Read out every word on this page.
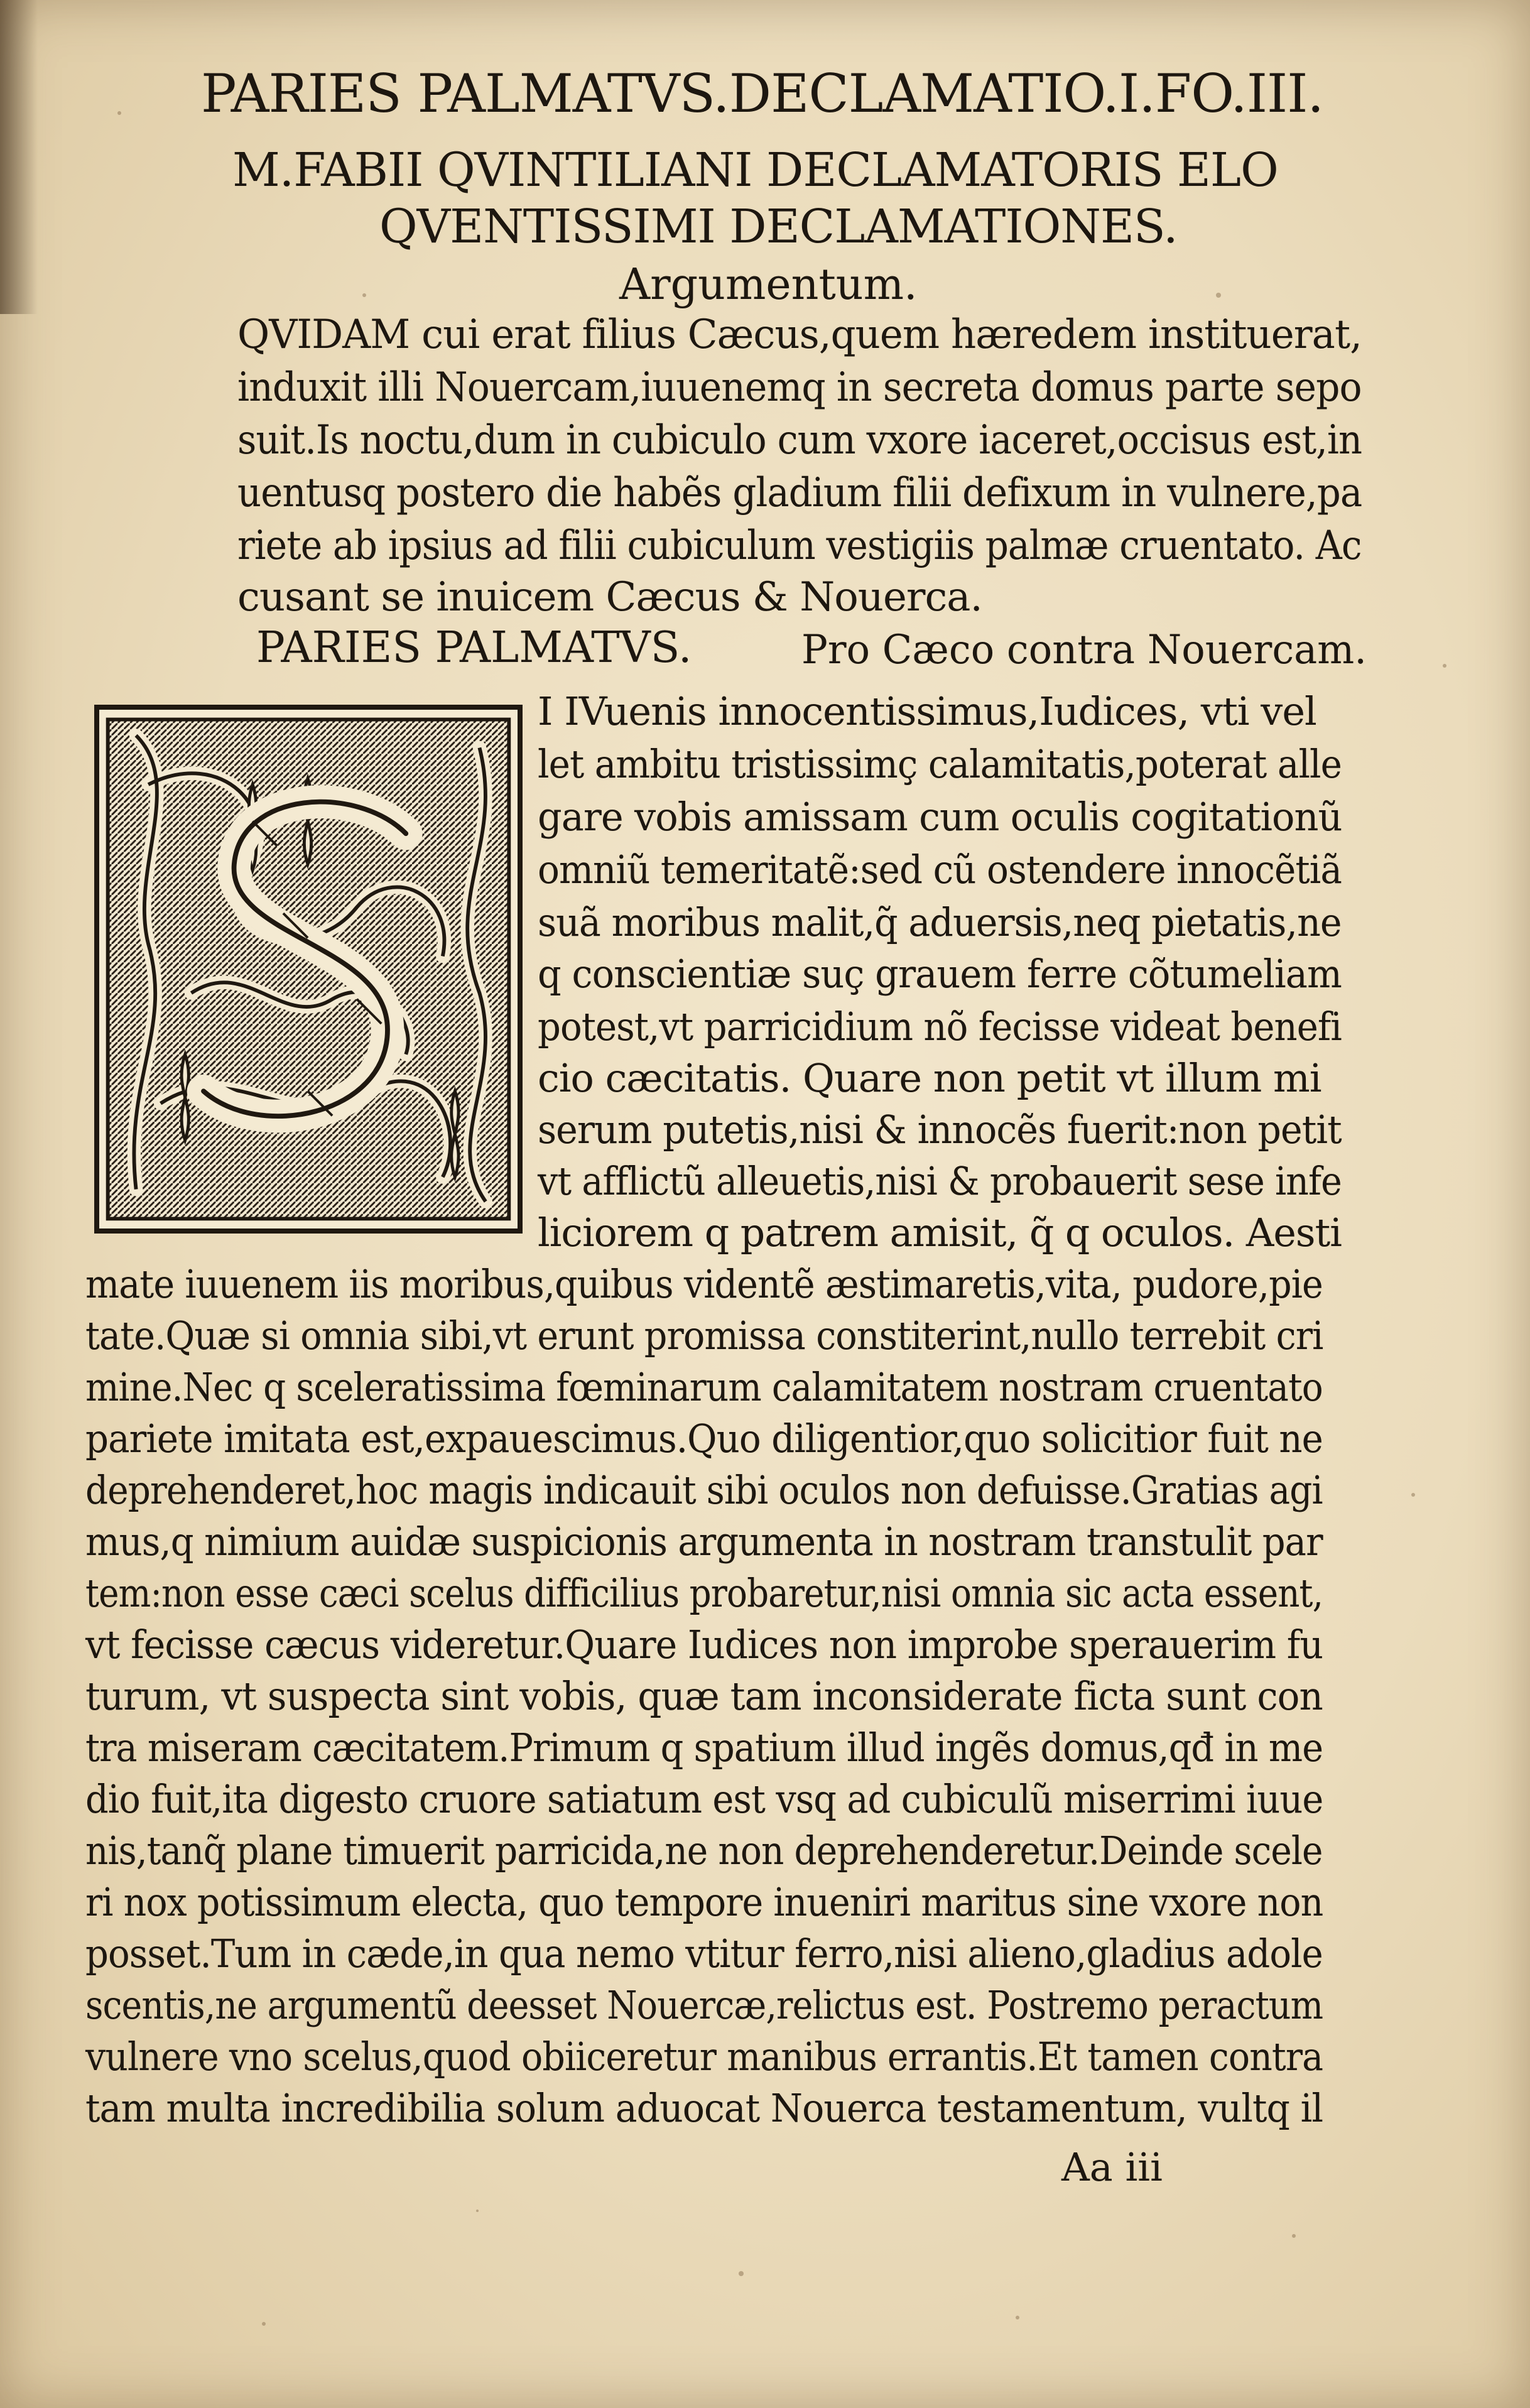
PARIES PALMATVS.DECLAMATIO.I.FO.III.
M.FABII QVINTILIANI DECLAMATORIS ELO
QVENTISSIMI DECLAMATIONES.
Argumentum.
QVIDAM cui erat filius Cæcus,quem hæredem instituerat,
induxit illi Nouercam,iuuenemq in secreta domus parte sepo
suit.Is noctu,dum in cubiculo cum vxore iaceret,occisus est,in
uentusq postero die habẽs gladium filii defixum in vulnere,pa
riete ab ipsius ad filii cubiculum vestigiis palmæ cruentato. Ac
cusant se inuicem Cæcus & Nouerca.
PARIES PALMATVS.	Pro Cæco contra Nouercam.
I IVuenis innocentissimus,Iudices, vti vel
let ambitu tristissimç calamitatis,poterat alle
gare vobis amissam cum oculis cogitationũ
omniũ temeritatẽ:sed cũ ostendere innocẽtiã
suã moribus malit,q̃ aduersis,neq pietatis,ne
q conscientiæ suç grauem ferre cõtumeliam
potest,vt parricidium nõ fecisse videat benefi
cio cæcitatis. Quare non petit vt illum mi
serum putetis,nisi & innocẽs fuerit:non petit
vt afflictũ alleuetis,nisi & probauerit sese infe
liciorem q patrem amisit, q̃ q oculos. Aesti
mate iuuenem iis moribus,quibus videntẽ æstimaretis,vita, pudore,pie
tate.Quæ si omnia sibi,vt erunt promissa constiterint,nullo terrebit cri
mine.Nec q sceleratissima fœminarum calamitatem nostram cruentato
pariete imitata est,expauescimus.Quo diligentior,quo solicitior fuit ne
deprehenderet,hoc magis indicauit sibi oculos non defuisse.Gratias agi
mus,q nimium auidæ suspicionis argumenta in nostram transtulit par
tem:non esse cæci scelus difficilius probaretur,nisi omnia sic acta essent,
vt fecisse cæcus videretur.Quare Iudices non improbe sperauerim fu
turum, vt suspecta sint vobis, quæ tam inconsiderate ficta sunt con
tra miseram cæcitatem.Primum q spatium illud ingẽs domus,qđ in me
dio fuit,ita digesto cruore satiatum est vsq ad cubiculũ miserrimi iuue
nis,tanq̃ plane timuerit parricida,ne non deprehenderetur.Deinde scele
ri nox potissimum electa, quo tempore inueniri maritus sine vxore non
posset.Tum in cæde,in qua nemo vtitur ferro,nisi alieno,gladius adole
scentis,ne argumentũ deesset Nouercæ,relictus est. Postremo peractum
vulnere vno scelus,quod obiiceretur manibus errantis.Et tamen contra
tam multa incredibilia solum aduocat Nouerca testamentum, vultq il
Aa iii
